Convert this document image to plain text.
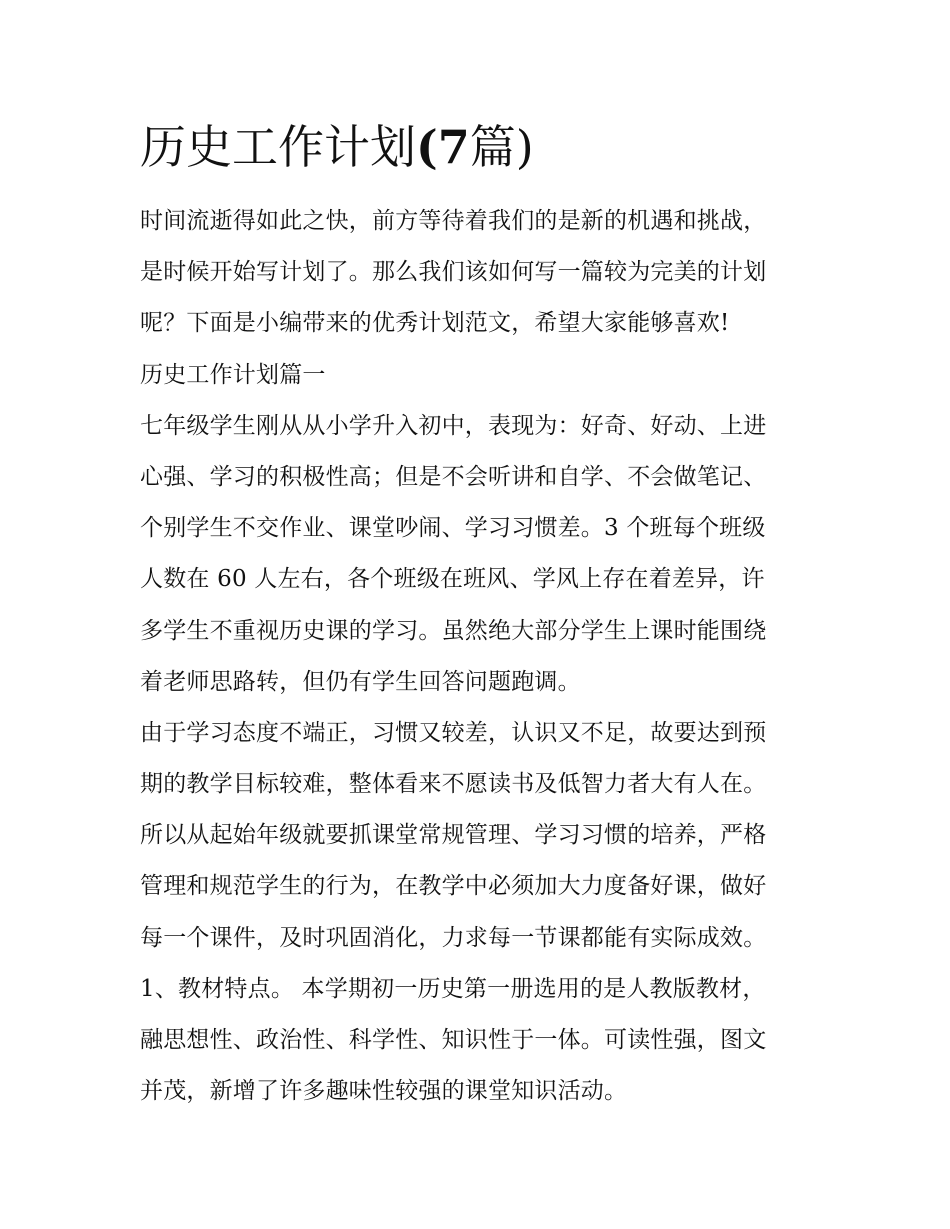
历史工作计划(7篇)
时间流逝得如此之快，前方等待着我们的是新的机遇和挑战，
是时候开始写计划了。那么我们该如何写一篇较为完美的计划
呢？下面是小编带来的优秀计划范文，希望大家能够喜欢!
历史工作计划篇一
七年级学生刚从从小学升入初中，表现为：好奇、好动、上进
心强、学习的积极性高；但是不会听讲和自学、不会做笔记、
个别学生不交作业、课堂吵闹、学习习惯差。3 个班每个班级
人数在 60 人左右，各个班级在班风、学风上存在着差异，许
多学生不重视历史课的学习。虽然绝大部分学生上课时能围绕
着老师思路转，但仍有学生回答问题跑调。
由于学习态度不端正，习惯又较差，认识又不足，故要达到预
期的教学目标较难，整体看来不愿读书及低智力者大有人在。
所以从起始年级就要抓课堂常规管理、学习习惯的培养，严格
管理和规范学生的行为，在教学中必须加大力度备好课，做好
每一个课件，及时巩固消化，力求每一节课都能有实际成效。
1、教材特点。 本学期初一历史第一册选用的是人教版教材，
融思想性、政治性、科学性、知识性于一体。可读性强，图文
并茂，新增了许多趣味性较强的课堂知识活动。
